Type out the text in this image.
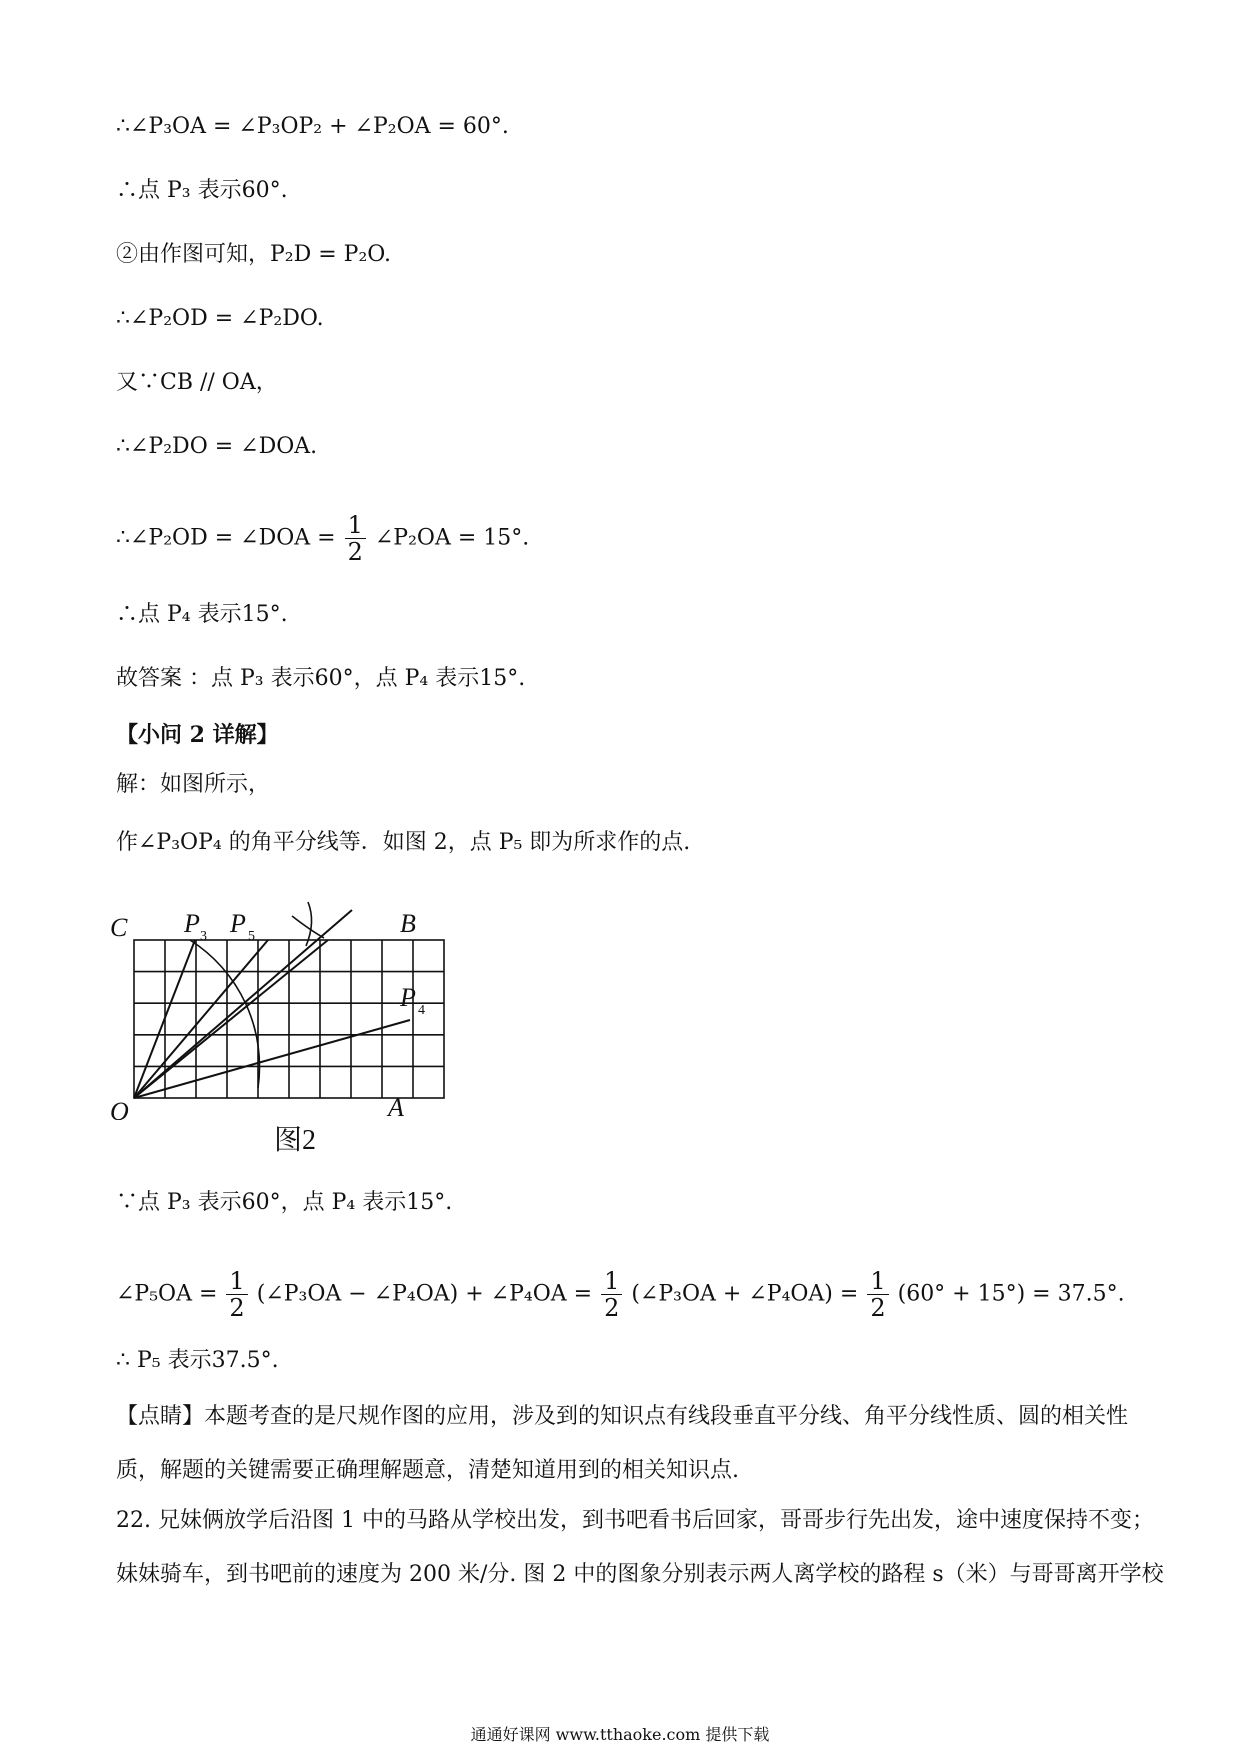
∴∠P₃OA = ∠P₃OP₂ + ∠P₂OA = 60°.
∴点 P₃ 表示60°.
②由作图可知，P₂D = P₂O.
∴∠P₂OD = ∠P₂DO.
又∵CB // OA，
∴∠P₂DO = ∠DOA.
∴∠P₂OD = ∠DOA = $\frac{1}{2}$ ∠P₂OA = 15°.
∴点 P₄ 表示15°.
故答案 ：点 P₃ 表示60°，点 P₄ 表示15°.
【小问 2 详解】
解：如图所示，
作∠P₃OP₄ 的角平分线等．如图 2，点 P₅ 即为所求作的点.
C	B
O	A
P 3 P 5
P 4
图2
∵点 P₃ 表示60°，点 P₄ 表示15°.
∠P₅OA = $\frac{1}{2}$ (∠P₃OA − ∠P₄OA) + ∠P₄OA = $\frac{1}{2}$ (∠P₃OA + ∠P₄OA) = $\frac{1}{2} (60^\circ + 15^\circ) = 37.5^\circ$.
∴ P₅ 表示37.5°.
【点睛】本题考查的是尺规作图的应用，涉及到的知识点有线段垂直平分线、角平分线性质、圆的相关性
质，解题的关键需要正确理解题意，清楚知道用到的相关知识点.
22. 兄妹俩放学后沿图 1 中的马路从学校出发，到书吧看书后回家，哥哥步行先出发，途中速度保持不变；
妹妹骑车，到书吧前的速度为 200 米/分. 图 2 中的图象分别表示两人离学校的路程 s（米）与哥哥离开学校
通通好课网 www.tthaoke.com 提供下载
